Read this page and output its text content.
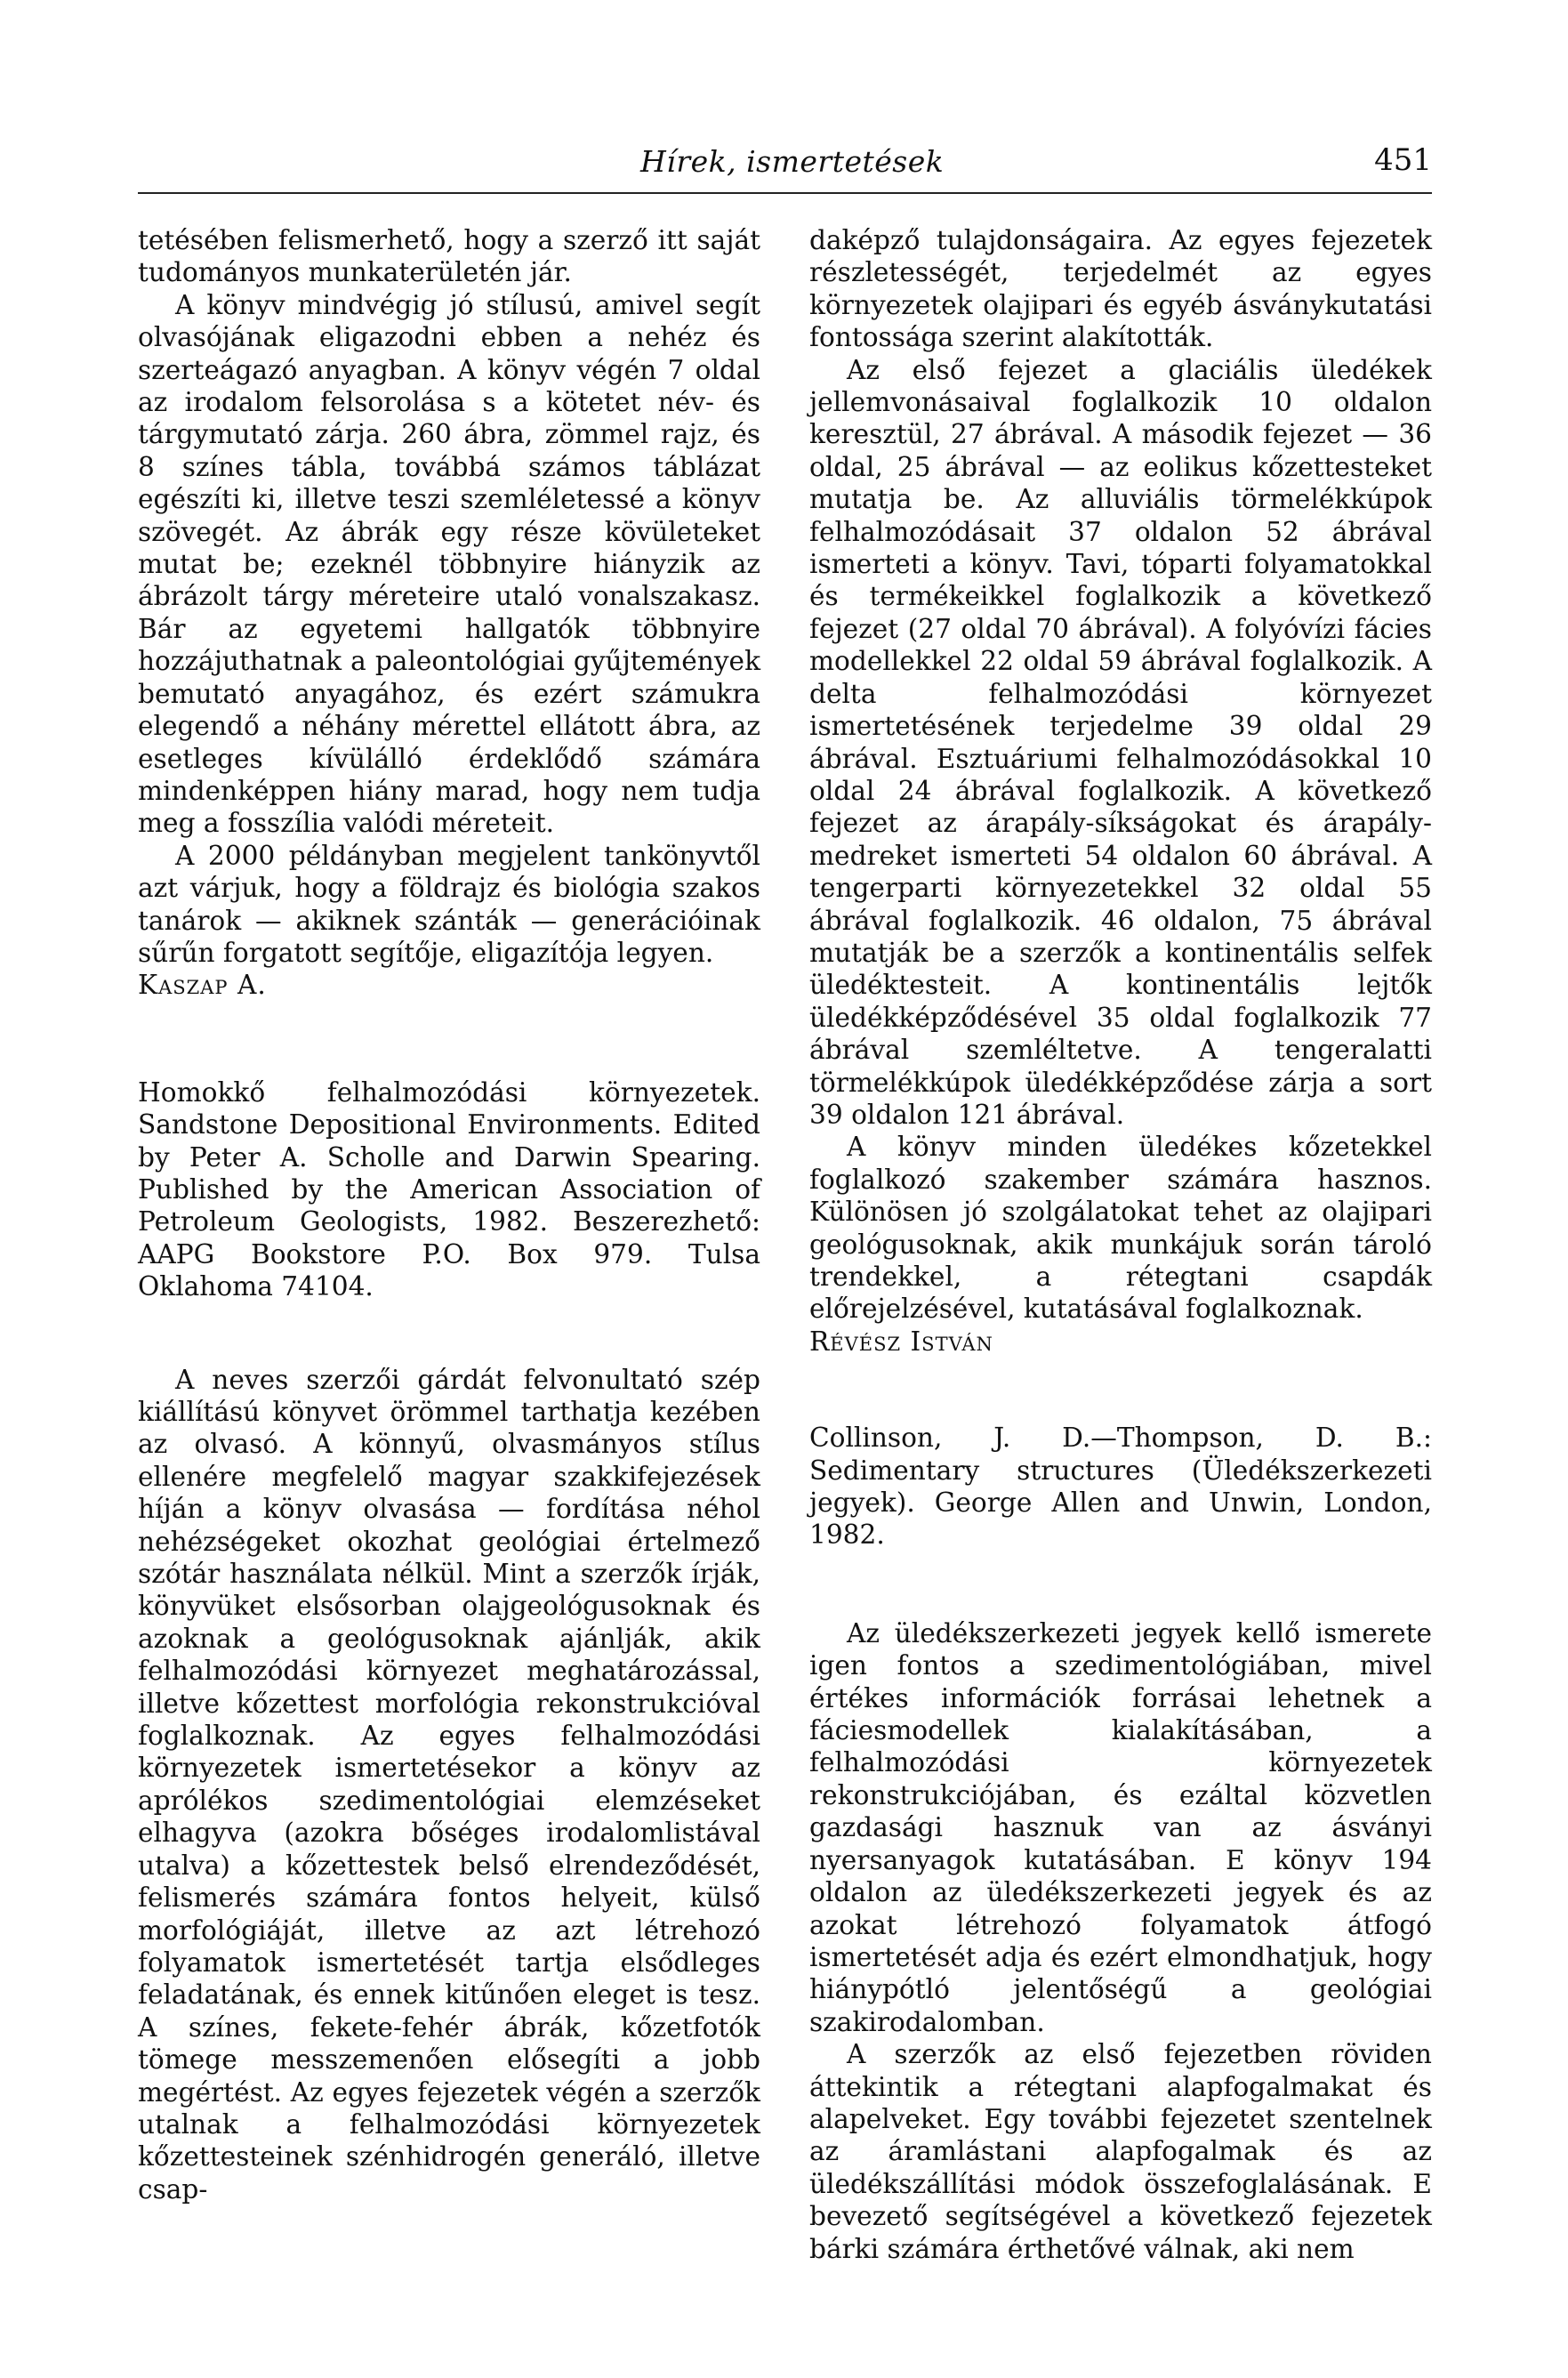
Hírek, ismertetések	451

tetésében felismerhető, hogy a szerző itt saját tudományos munkaterületén jár.

A könyv mindvégig jó stílusú, amivel segít olvasójának eligazodni ebben a nehéz és szerteágazó anyagban. A könyv végén 7 oldal az irodalom felsorolása s a kötetet név- és tárgymutató zárja. 260 ábra, zömmel rajz, és 8 színes tábla, továbbá számos táblázat egészíti ki, illetve teszi szemléletessé a könyv szövegét. Az ábrák egy része kövületeket mutat be; ezeknél többnyire hiányzik az ábrázolt tárgy méreteire utaló vonalszakasz. Bár az egyetemi hallgatók többnyire hozzájuthatnak a paleontológiai gyűjtemények bemutató anyagához, és ezért számukra elegendő a néhány mérettel ellátott ábra, az esetleges kívülálló érdeklődő számára mindenképpen hiány marad, hogy nem tudja meg a fosszília valódi méreteit.

A 2000 példányban megjelent tankönyvtől azt várjuk, hogy a földrajz és biológia szakos tanárok — akiknek szánták — generációinak sűrűn forgatott segítője, eligazítója legyen.

Kaszap A.

Homokkő felhalmozódási környezetek. Sandstone Depositional Environments. Edited by Peter A. Scholle and Darwin Spearing. Published by the American Association of Petroleum Geologists, 1982. Beszerezhető: AAPG Bookstore P.O. Box 979. Tulsa Oklahoma 74104.

A neves szerzői gárdát felvonultató szép kiállítású könyvet örömmel tarthatja kezében az olvasó. A könnyű, olvasmányos stílus ellenére megfelelő magyar szakkifejezések híján a könyv olvasása — fordítása néhol nehézségeket okozhat geológiai értelmező szótár használata nélkül. Mint a szerzők írják, könyvüket elsősorban olajgeológusoknak és azoknak a geológusoknak ajánlják, akik felhalmozódási környezet meghatározással, illetve kőzettest morfológia rekonstrukcióval foglalkoznak. Az egyes felhalmozódási környezetek ismertetésekor a könyv az aprólékos szedimentológiai elemzéseket elhagyva (azokra bőséges irodalomlistával utalva) a kőzettestek belső elrendeződését, felismerés számára fontos helyeit, külső morfológiáját, illetve az azt létrehozó folyamatok ismertetését tartja elsődleges feladatának, és ennek kitűnően eleget is tesz. A színes, fekete-fehér ábrák, kőzetfotók tömege messzemenően elősegíti a jobb megértést. Az egyes fejezetek végén a szerzők utalnak a felhalmozódási környezetek kőzettesteinek szénhidrogén generáló, illetve csap-

daképző tulajdonságaira. Az egyes fejezetek részletességét, terjedelmét az egyes környezetek olajipari és egyéb ásványkutatási fontossága szerint alakították.

Az első fejezet a glaciális üledékek jellemvonásaival foglalkozik 10 oldalon keresztül, 27 ábrával. A második fejezet — 36 oldal, 25 ábrával — az eolikus kőzettesteket mutatja be. Az alluviális törmelékkúpok felhalmozódásait 37 oldalon 52 ábrával ismerteti a könyv. Tavi, tóparti folyamatokkal és termékeikkel foglalkozik a következő fejezet (27 oldal 70 ábrával). A folyóvízi fácies modellekkel 22 oldal 59 ábrával foglalkozik. A delta felhalmozódási környezet ismertetésének terjedelme 39 oldal 29 ábrával. Esztuáriumi felhalmozódásokkal 10 oldal 24 ábrával foglalkozik. A következő fejezet az árapály-síkságokat és árapály-medreket ismerteti 54 oldalon 60 ábrával. A tengerparti környezetekkel 32 oldal 55 ábrával foglalkozik. 46 oldalon, 75 ábrával mutatják be a szerzők a kontinentális selfek üledéktesteit. A kontinentális lejtők üledékképződésével 35 oldal foglalkozik 77 ábrával szemléltetve. A tengeralatti törmelékkúpok üledékképződése zárja a sort 39 oldalon 121 ábrával.

A könyv minden üledékes kőzetekkel foglalkozó szakember számára hasznos. Különösen jó szolgálatokat tehet az olajipari geológusoknak, akik munkájuk során tároló trendekkel, a rétegtani csapdák előrejelzésével, kutatásával foglalkoznak.

Révész István

Collinson, J. D.—Thompson, D. B.: Sedimentary structures (Üledékszerkezeti jegyek). George Allen and Unwin, London, 1982.

Az üledékszerkezeti jegyek kellő ismerete igen fontos a szedimentológiában, mivel értékes információk forrásai lehetnek a fáciesmodellek kialakításában, a felhalmozódási környezetek rekonstrukciójában, és ezáltal közvetlen gazdasági hasznuk van az ásványi nyersanyagok kutatásában. E könyv 194 oldalon az üledékszerkezeti jegyek és az azokat létrehozó folyamatok átfogó ismertetését adja és ezért elmondhatjuk, hogy hiánypótló jelentőségű a geológiai szakirodalomban.

A szerzők az első fejezetben röviden áttekintik a rétegtani alapfogalmakat és alapelveket. Egy további fejezetet szentelnek az áramlástani alapfogalmak és az üledékszállítási módok összefoglalásának. E bevezető segítségével a következő fejezetek bárki számára érthetővé válnak, aki nem
